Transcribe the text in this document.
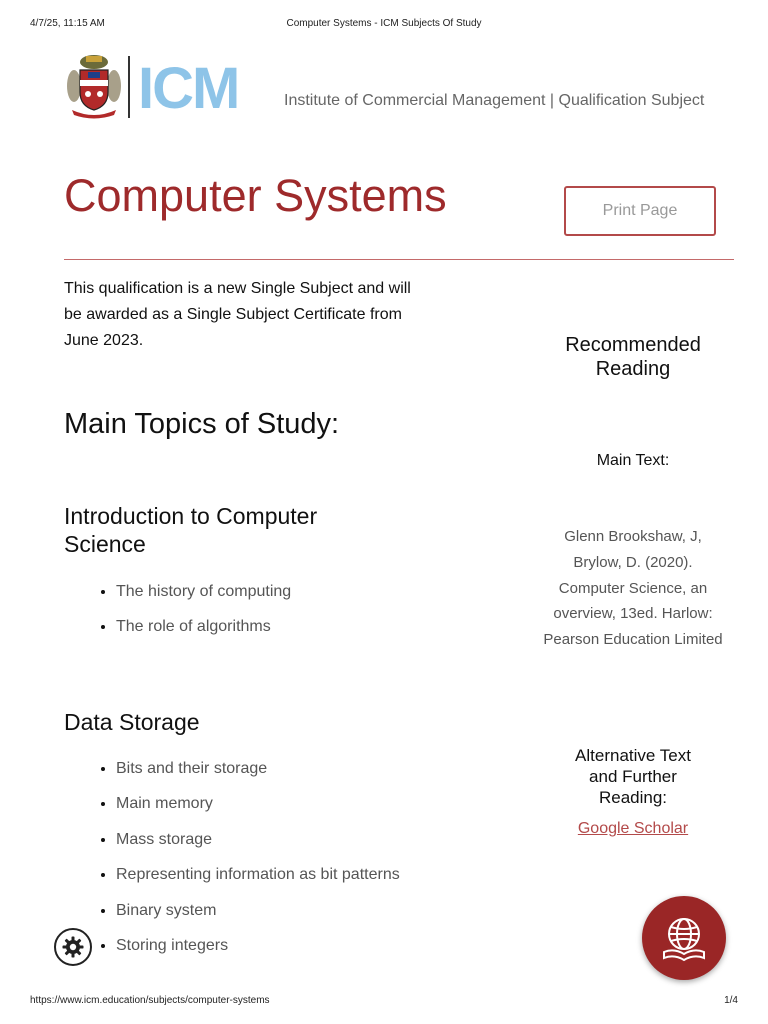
4/7/25, 11:15 AM	Computer Systems - ICM Subjects Of Study
ICM	Institute of Commercial Management | Qualification Subject
Computer Systems	Print Page
This qualification is a new Single Subject and will be awarded as a Single Subject Certificate from June 2023.
Main Topics of Study:
Introduction to Computer Science
• The history of computing
• The role of algorithms
Data Storage
• Bits and their storage
• Main memory
• Mass storage
• Representing information as bit patterns
• Binary system
• Storing integers
Recommended Reading
Main Text:
Glenn Brookshaw, J, Brylow, D. (2020). Computer Science, an overview, 13ed. Harlow: Pearson Education Limited
Alternative Text and Further Reading:
Google Scholar
https://www.icm.education/subjects/computer-systems	1/4
